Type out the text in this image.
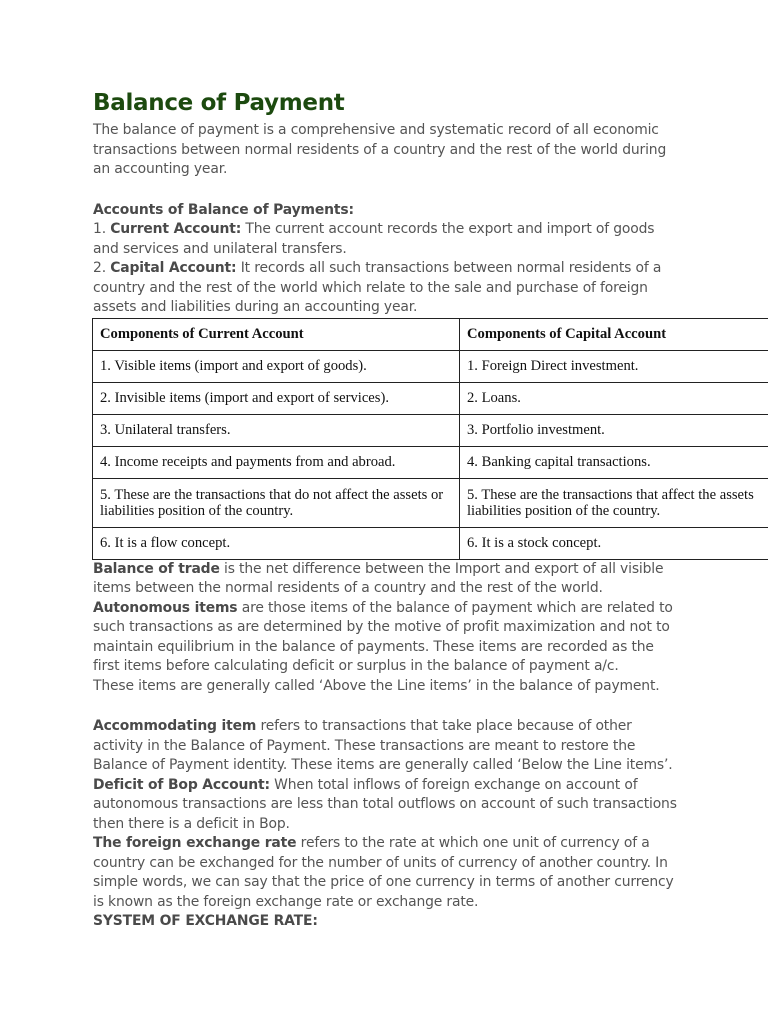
Balance of Payment

The balance of payment is a comprehensive and systematic record of all economic transactions between normal residents of a country and the rest of the world during an accounting year.

Accounts of Balance of Payments:

1. Current Account: The current account records the export and import of goods and services and unilateral transfers.

2. Capital Account: It records all such transactions between normal residents of a country and the rest of the world which relate to the sale and purchase of foreign assets and liabilities during an accounting year.

Components of Current Account	Components of Capital Account
1. Visible items (import and export of goods).	1. Foreign Direct investment.
2. Invisible items (import and export of services).	2. Loans.
3. Unilateral transfers.	3. Portfolio investment.
4. Income receipts and payments from and abroad.	4. Banking capital transactions.
5. These are the transactions that do not affect the assets or liabilities position of the country.	5. These are the transactions that affect the assets liabilities position of the country.
6. It is a flow concept.	6. It is a stock concept.

Balance of trade is the net difference between the Import and export of all visible items between the normal residents of a country and the rest of the world.

Autonomous items are those items of the balance of payment which are related to such transactions as are determined by the motive of profit maximization and not to maintain equilibrium in the balance of payments. These items are recorded as the first items before calculating deficit or surplus in the balance of payment a/c.

These items are generally called ‘Above the Line items’ in the balance of payment.

Accommodating item refers to transactions that take place because of other activity in the Balance of Payment. These transactions are meant to restore the Balance of Payment identity. These items are generally called ‘Below the Line items’.

Deficit of Bop Account: When total inflows of foreign exchange on account of autonomous transactions are less than total outflows on account of such transactions then there is a deficit in Bop.

The foreign exchange rate refers to the rate at which one unit of currency of a country can be exchanged for the number of units of currency of another country. In simple words, we can say that the price of one currency in terms of another currency is known as the foreign exchange rate or exchange rate.

SYSTEM OF EXCHANGE RATE:
